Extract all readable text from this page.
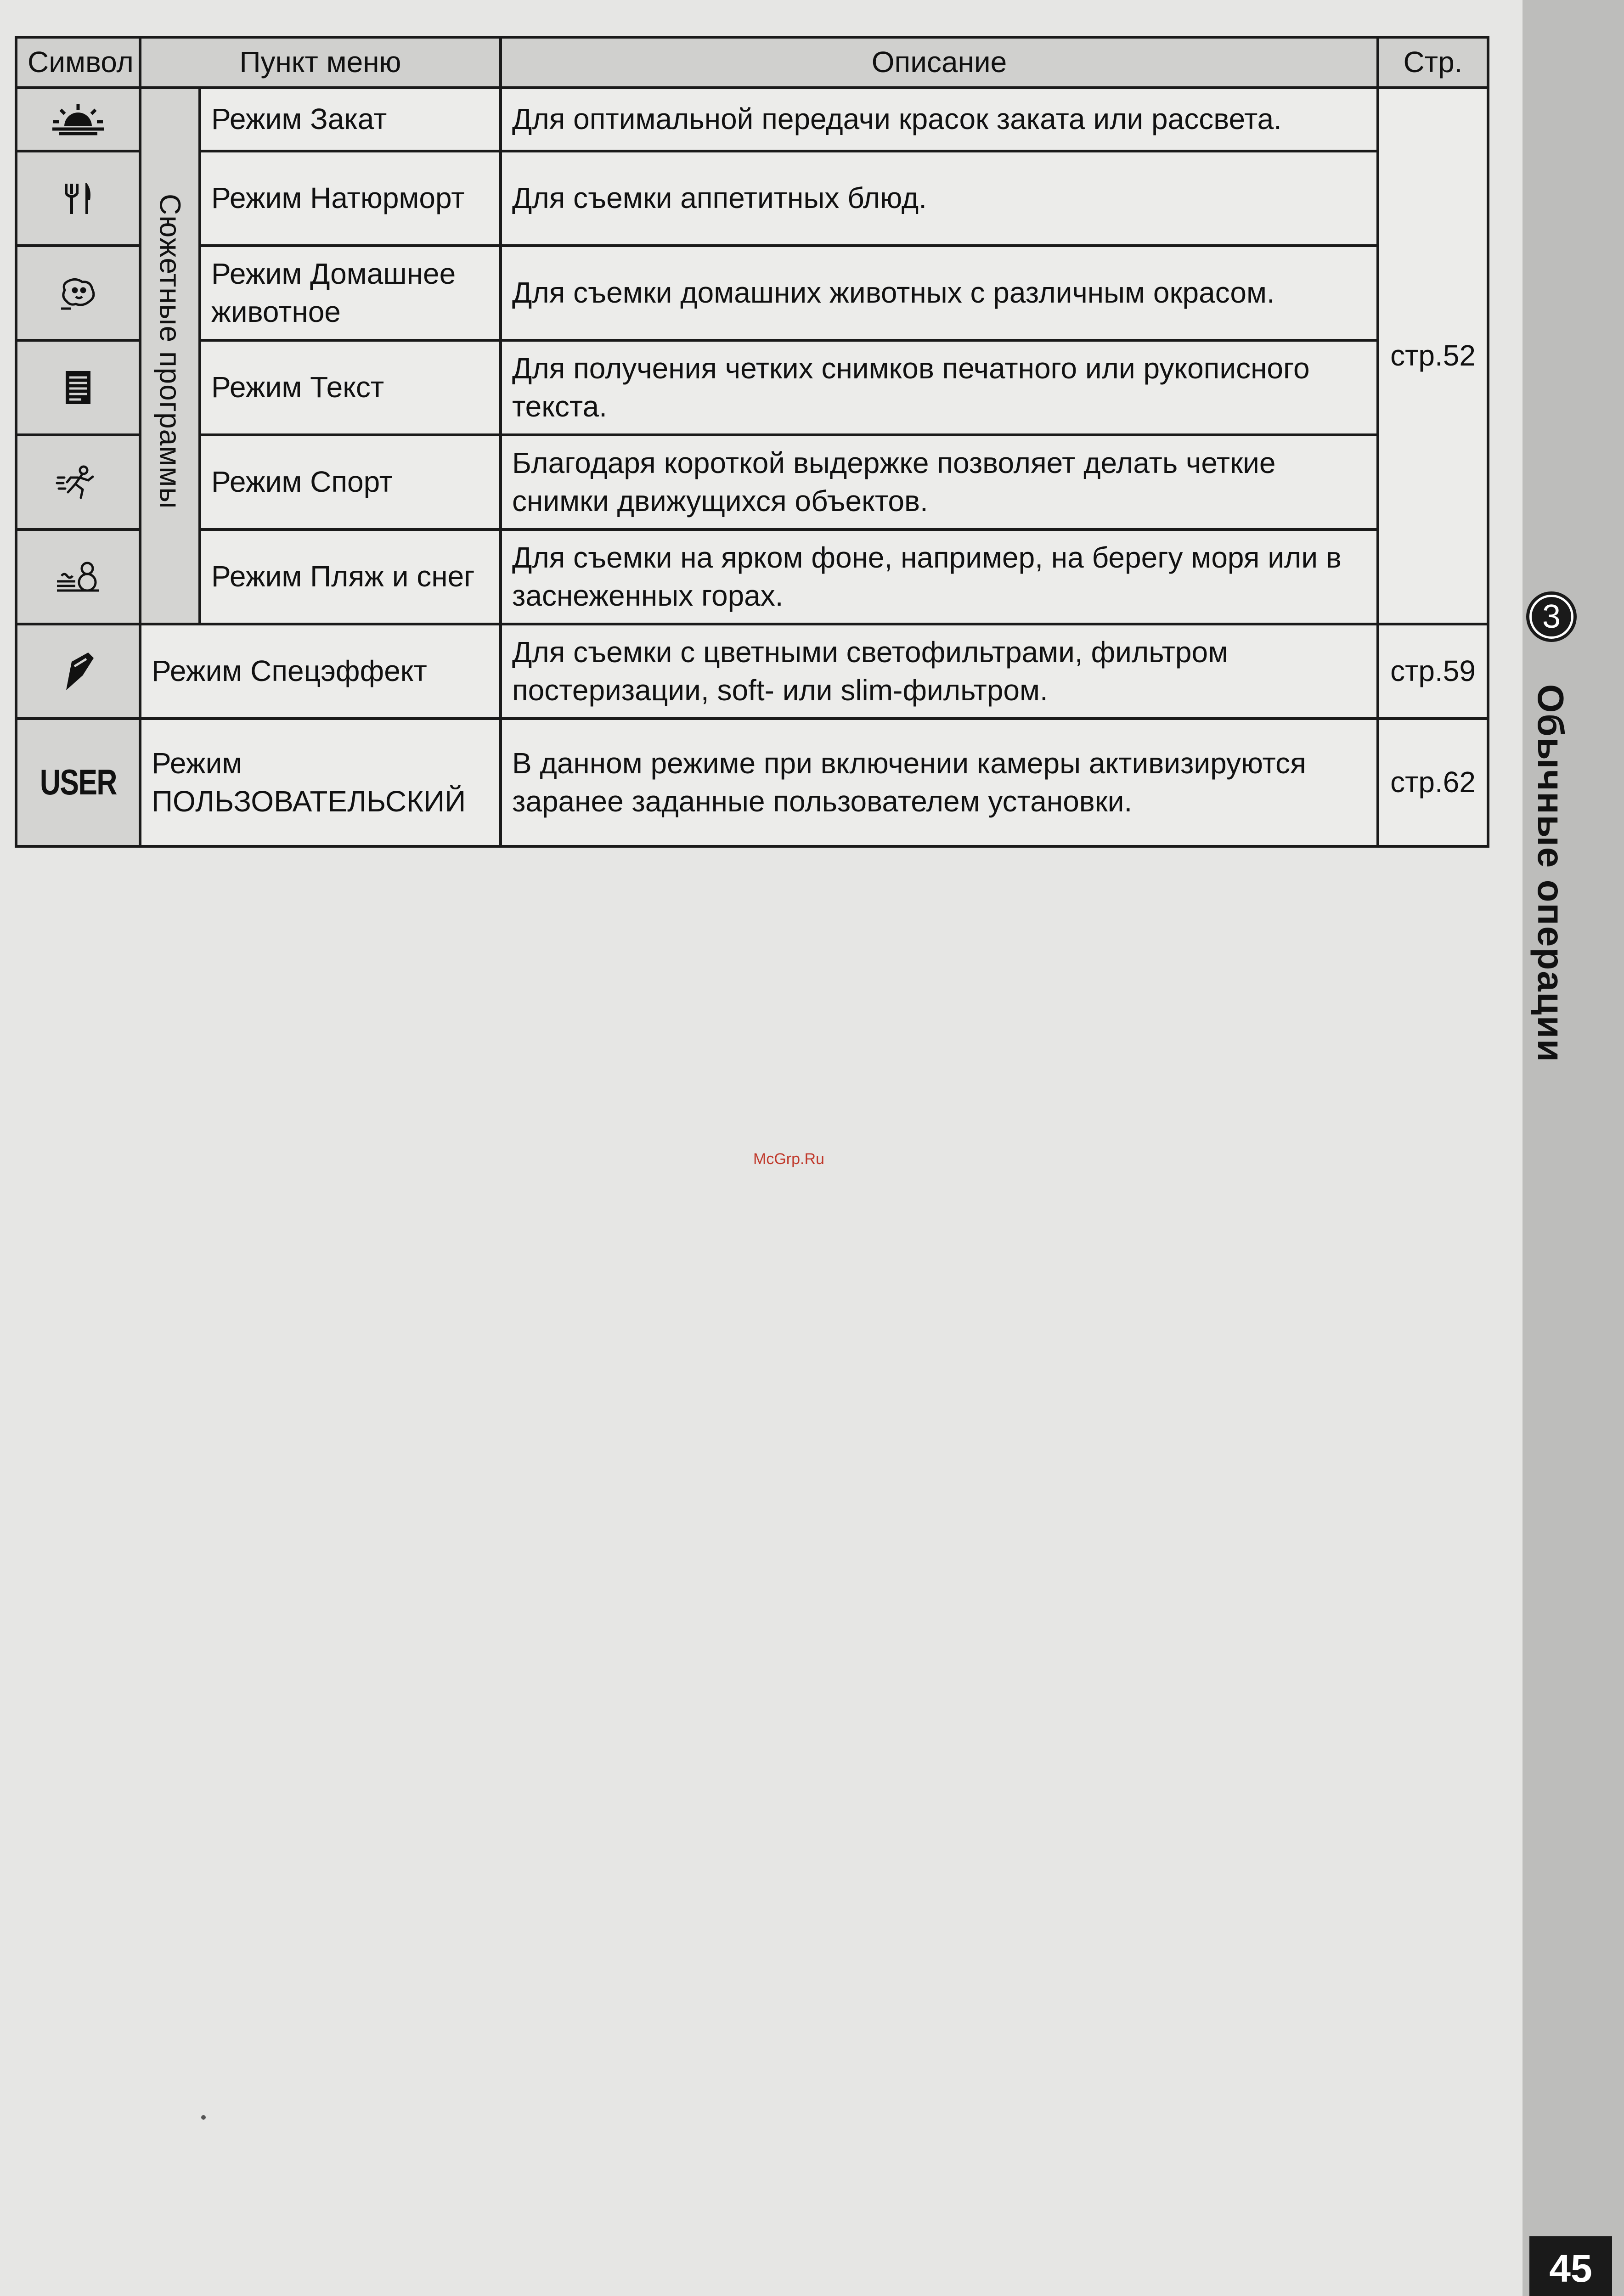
Символ	Пункт меню		Описание	Стр.

	Сюжетные программы	Режим Закат	Для оптимальной передачи красок заката или рассвета.	стр.52

	Режим Натюрморт	Для съемки аппетитных блюд.	

	Режим Домашнее животное	Для съемки домашних животных с различным окрасом.	

	Режим Текст	Для получения четких снимков печатного или рукописного текста.	

	Режим Спорт	Благодаря короткой выдержке позволяет делать четкие снимки движущихся объектов.	

	Режим Пляж и снег	Для съемки на ярком фоне, например, на берегу моря или в заснеженных горах.	

	Режим Спецэффект		Для съемки с цветными светофильтрами, фильтром постеризации, soft- или slim-фильтром.	стр.59
USER	Режим ПОЛЬЗОВАТЕЛЬСКИЙ		В данном режиме при включении камеры активизируются заранее заданные пользователем установки.	стр.62
3
Обычные операции
McGrp.Ru
45
